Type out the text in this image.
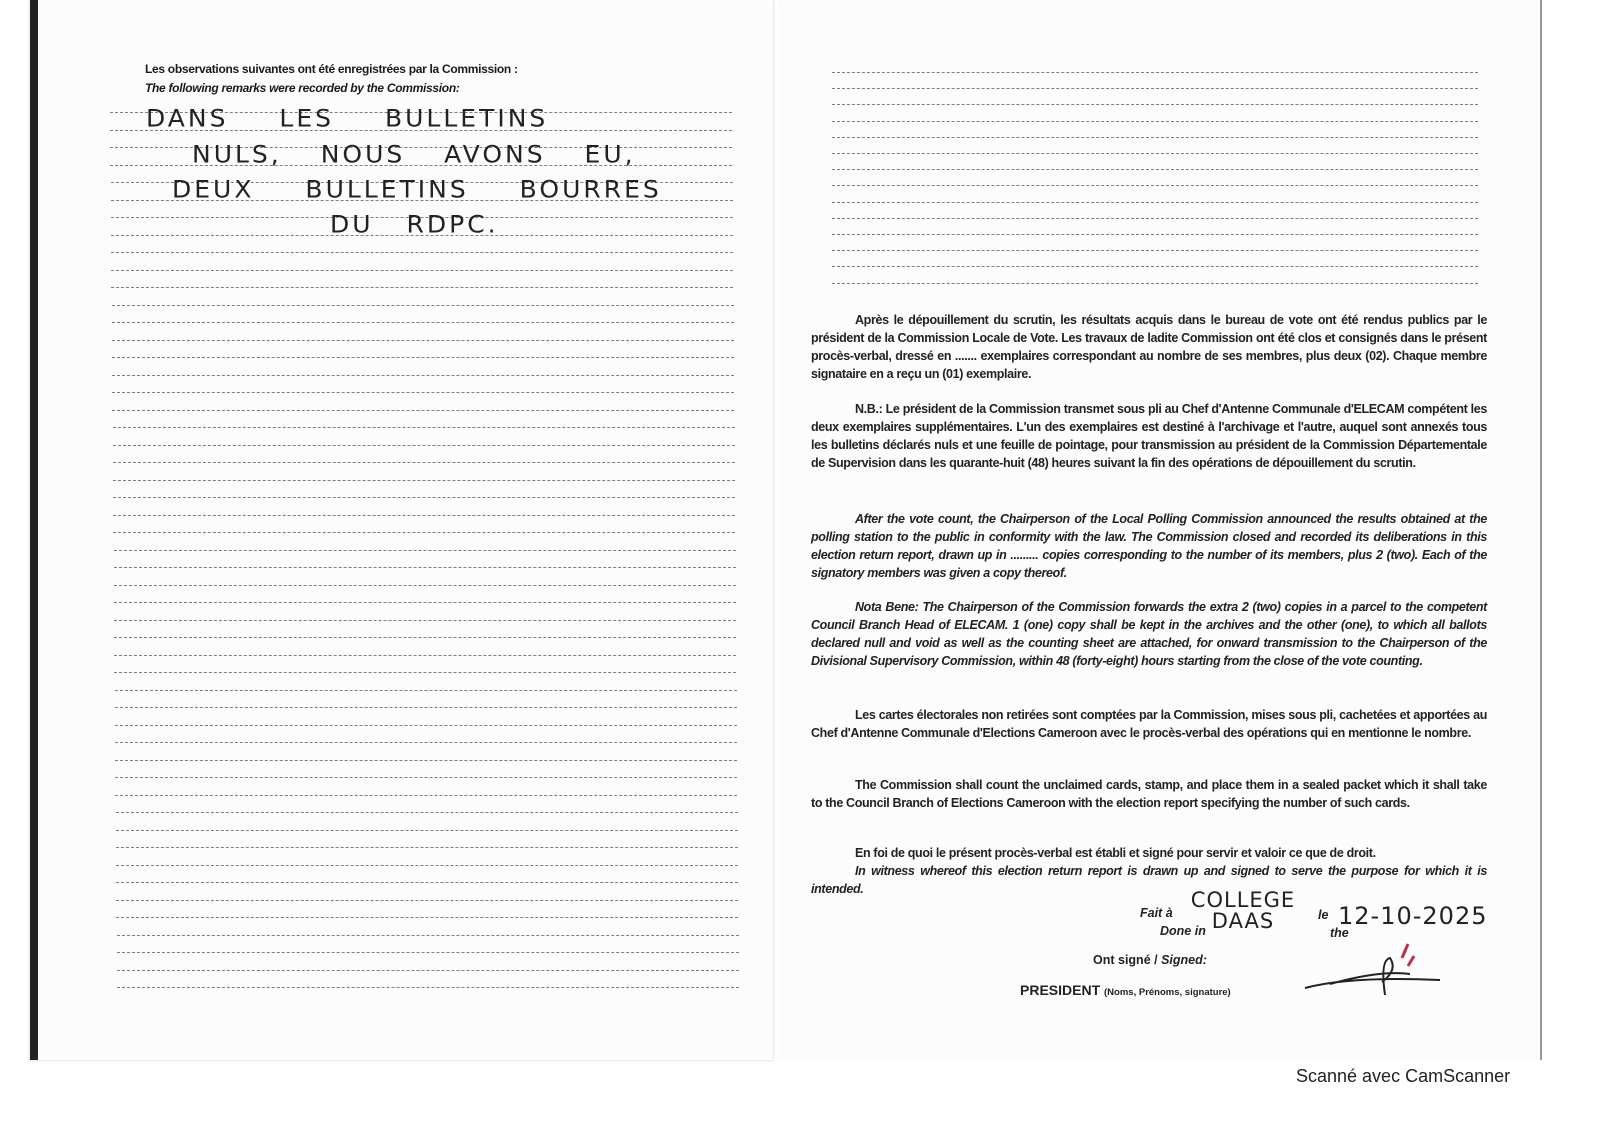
Les observations suivantes ont été enregistrées par la Commission :
The following remarks were recorded by the Commission:
DANS LES BULLETINS
NULS, NOUS AVONS EU,
DEUX BULLETINS BOURRES
DU RDPC.
Après le dépouillement du scrutin, les résultats acquis dans le bureau de vote ont été rendus publics par le président de la Commission Locale de Vote. Les travaux de ladite Commission ont été clos et consignés dans le présent procès-verbal, dressé en ....... exemplaires correspondant au nombre de ses membres, plus deux (02). Chaque membre signataire en a reçu un (01) exemplaire.
N.B.: Le président de la Commission transmet sous pli au Chef d'Antenne Communale d'ELECAM compétent les deux exemplaires supplémentaires. L'un des exemplaires est destiné à l'archivage et l'autre, auquel sont annexés tous les bulletins déclarés nuls et une feuille de pointage, pour transmission au président de la Commission Départementale de Supervision dans les quarante-huit (48) heures suivant la fin des opérations de dépouillement du scrutin.
After the vote count, the Chairperson of the Local Polling Commission announced the results obtained at the polling station to the public in conformity with the law. The Commission closed and recorded its deliberations in this election return report, drawn up in ......... copies corresponding to the number of its members, plus 2 (two). Each of the signatory members was given a copy thereof.
Nota Bene: The Chairperson of the Commission forwards the extra 2 (two) copies in a parcel to the competent Council Branch Head of ELECAM. 1 (one) copy shall be kept in the archives and the other (one), to which all ballots declared null and void as well as the counting sheet are attached, for onward transmission to the Chairperson of the Divisional Supervisory Commission, within 48 (forty-eight) hours starting from the close of the vote counting.
Les cartes électorales non retirées sont comptées par la Commission, mises sous pli, cachetées et apportées au Chef d'Antenne Communale d'Elections Cameroon avec le procès-verbal des opérations qui en mentionne le nombre.
The Commission shall count the unclaimed cards, stamp, and place them in a sealed packet which it shall take to the Council Branch of Elections Cameroon with the election report specifying the number of such cards.
En foi de quoi le présent procès-verbal est établi et signé pour servir et valoir ce que de droit.
In witness whereof this election return report is drawn up and signed to serve the purpose for which it is intended.
Fait à
Done in
COLLEGE DAAS	le
the
12-10-2025
Ont signé / Signed:
PRESIDENT (Noms, Prénoms, signature)
Scanné avec CamScanner
